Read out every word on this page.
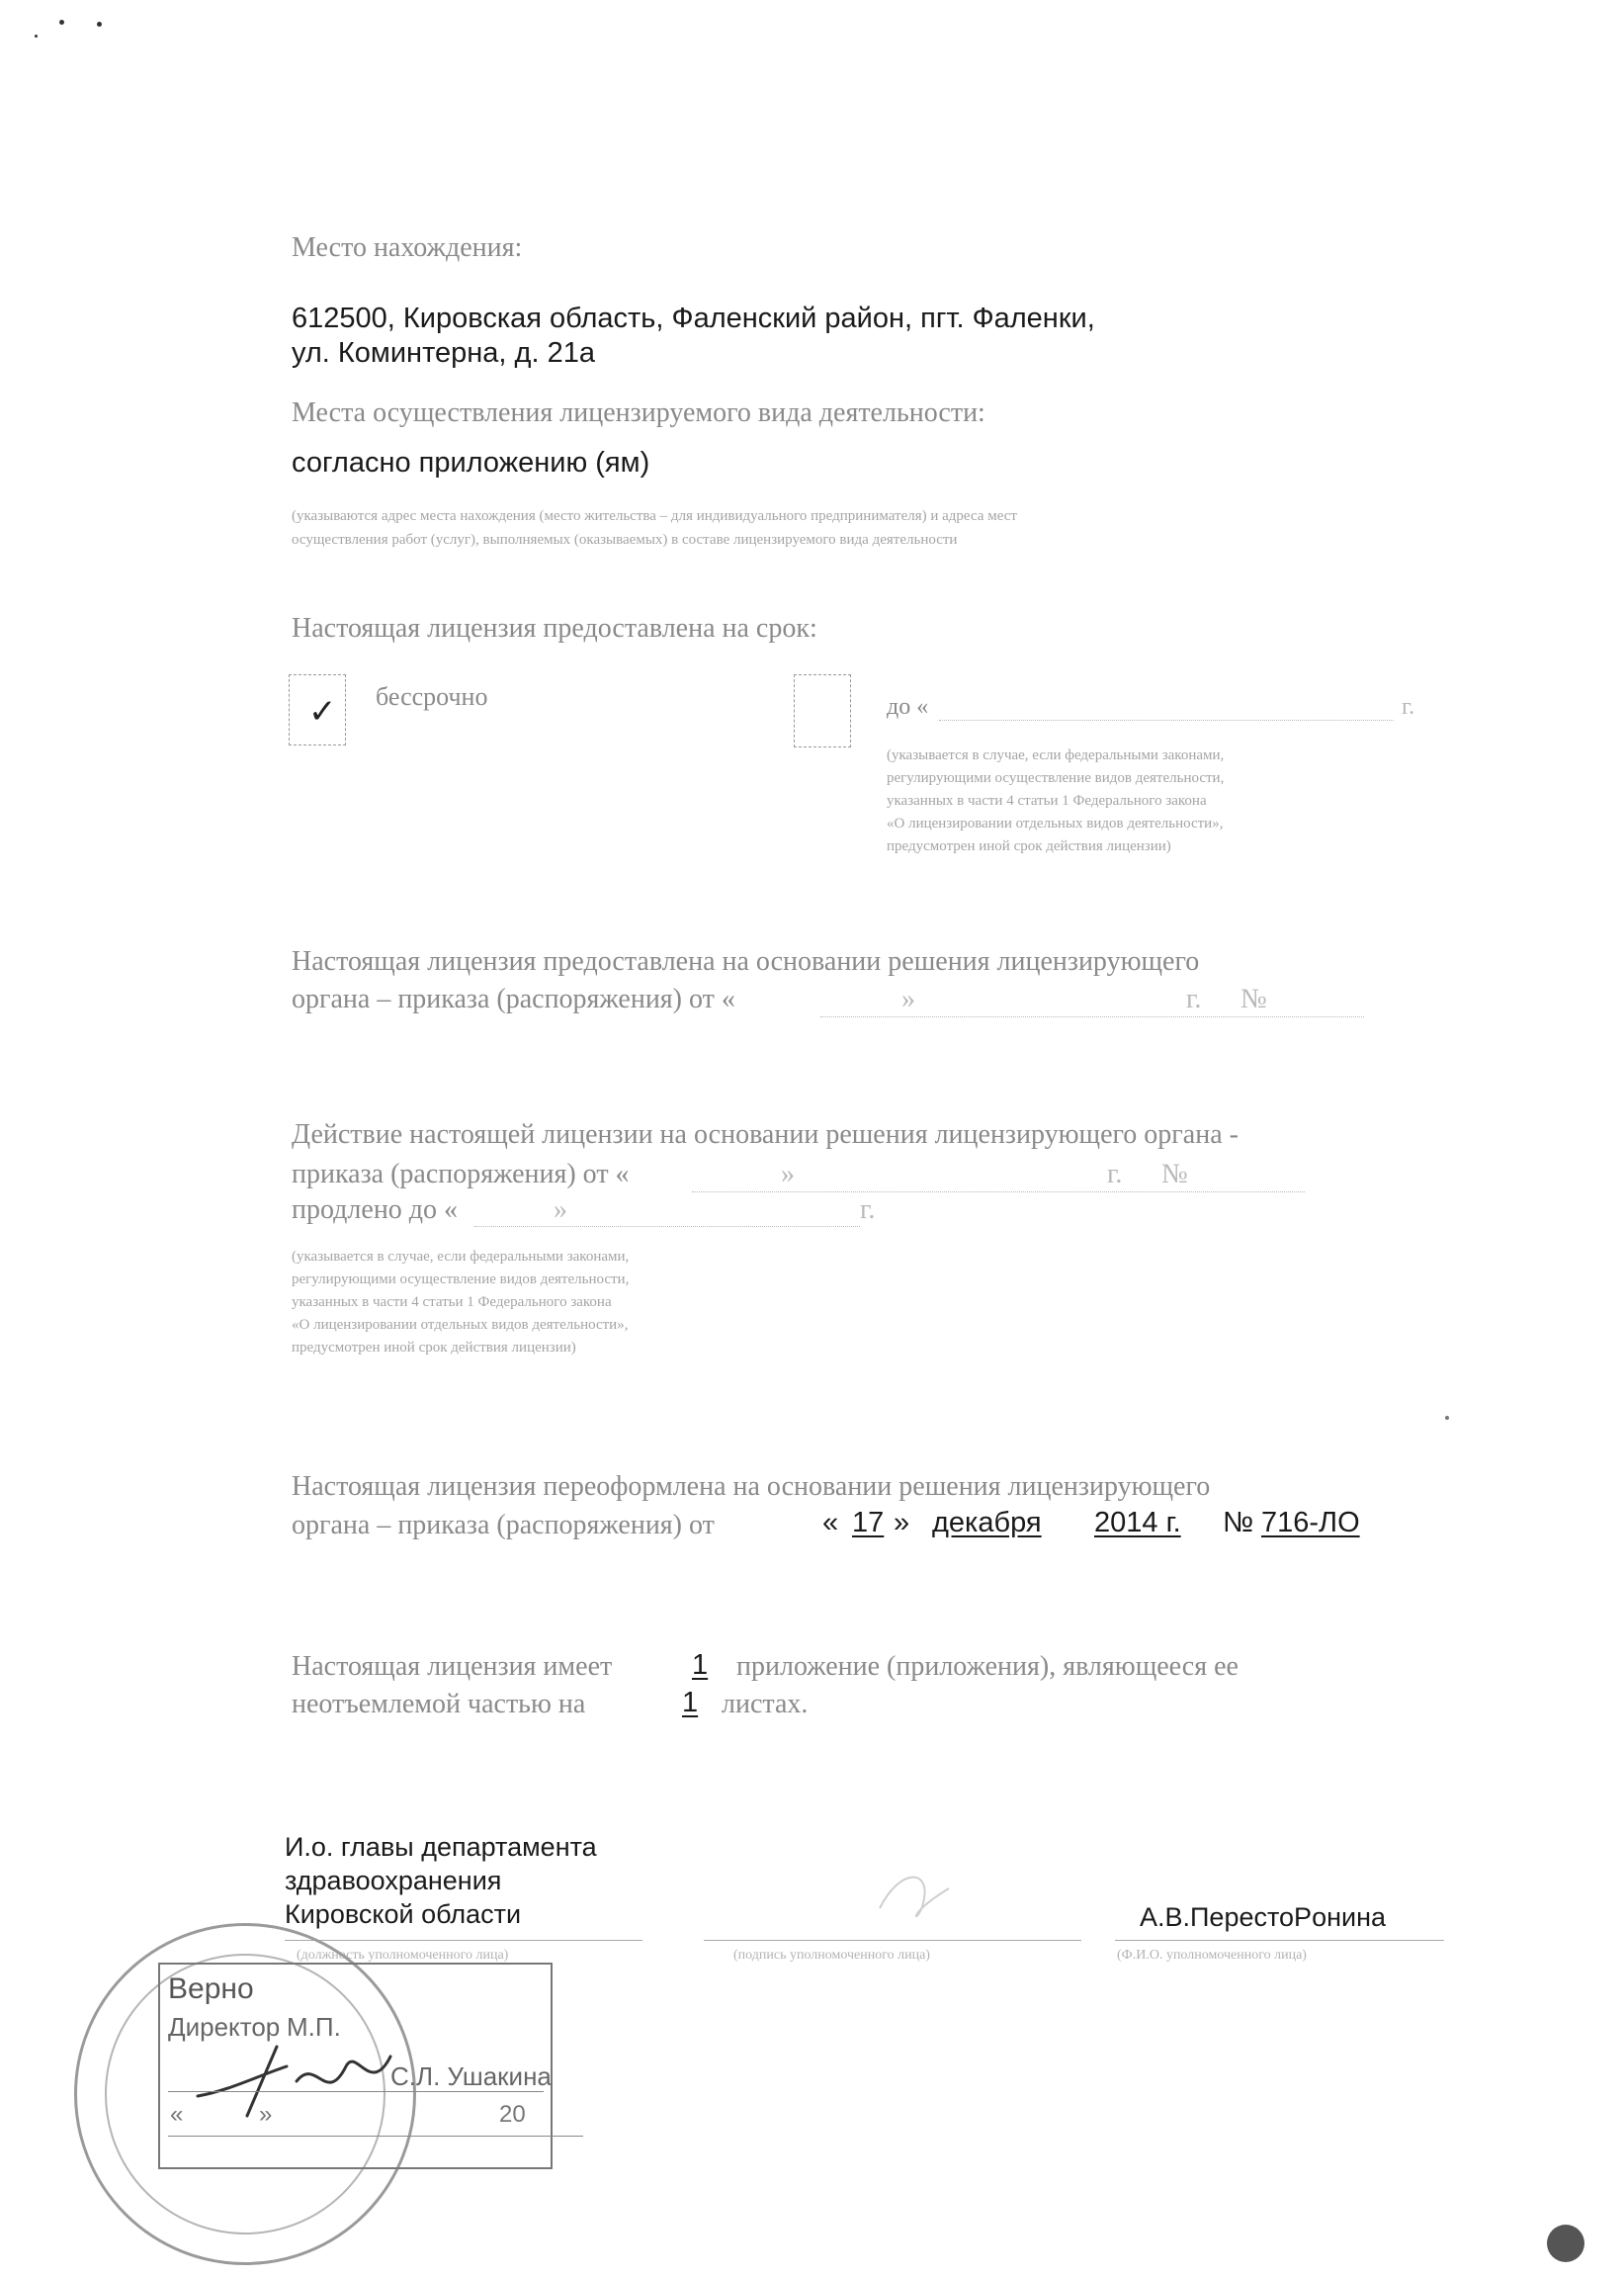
Место нахождения:
612500, Кировская область, Фаленский район, пгт. Фаленки,
ул. Коминтерна, д. 21а
Места осуществления лицензируемого вида деятельности:
согласно приложению (ям)
(указываются адрес места нахождения (место жительства – для индивидуального предпринимателя) и адреса мест
осуществления работ (услуг), выполняемых (оказываемых) в составе лицензируемого вида деятельности
Настоящая лицензия предоставлена на срок:
✓ бессрочно	до «	г.
(указывается в случае, если федеральными законами,
регулирующими осуществление видов деятельности,
указанных в части 4 статьи 1 Федерального закона
«О лицензировании отдельных видов деятельности»,
предусмотрен иной срок действия лицензии)
Настоящая лицензия предоставлена на основании решения лицензирующего
органа – приказа (распоряжения) от «	»	г. №
Действие настоящей лицензии на основании решения лицензирующего органа -
приказа (распоряжения) от «	»	г. №
продлено до «	»	г.
(указывается в случае, если федеральными законами,
регулирующими осуществление видов деятельности,
указанных в части 4 статьи 1 Федерального закона
«О лицензировании отдельных видов деятельности»,
предусмотрен иной срок действия лицензии)
Настоящая лицензия переоформлена на основании решения лицензирующего
органа – приказа (распоряжения) от	« 17 » декабря 2014 г. № 716-ЛО
Настоящая лицензия имеет	1 приложение (приложения), являющееся ее
неотъемлемой частью на	1 листах.
И.о. главы департамента
здравоохранения
Кировской области	А.В.ПерестоPонина
(должность уполномоченного лица)	(подпись уполномоченного лица)	(Ф.И.О. уполномоченного лица)
Верно
Директор М.П.
С.Л. Ушакина
«	»	20
